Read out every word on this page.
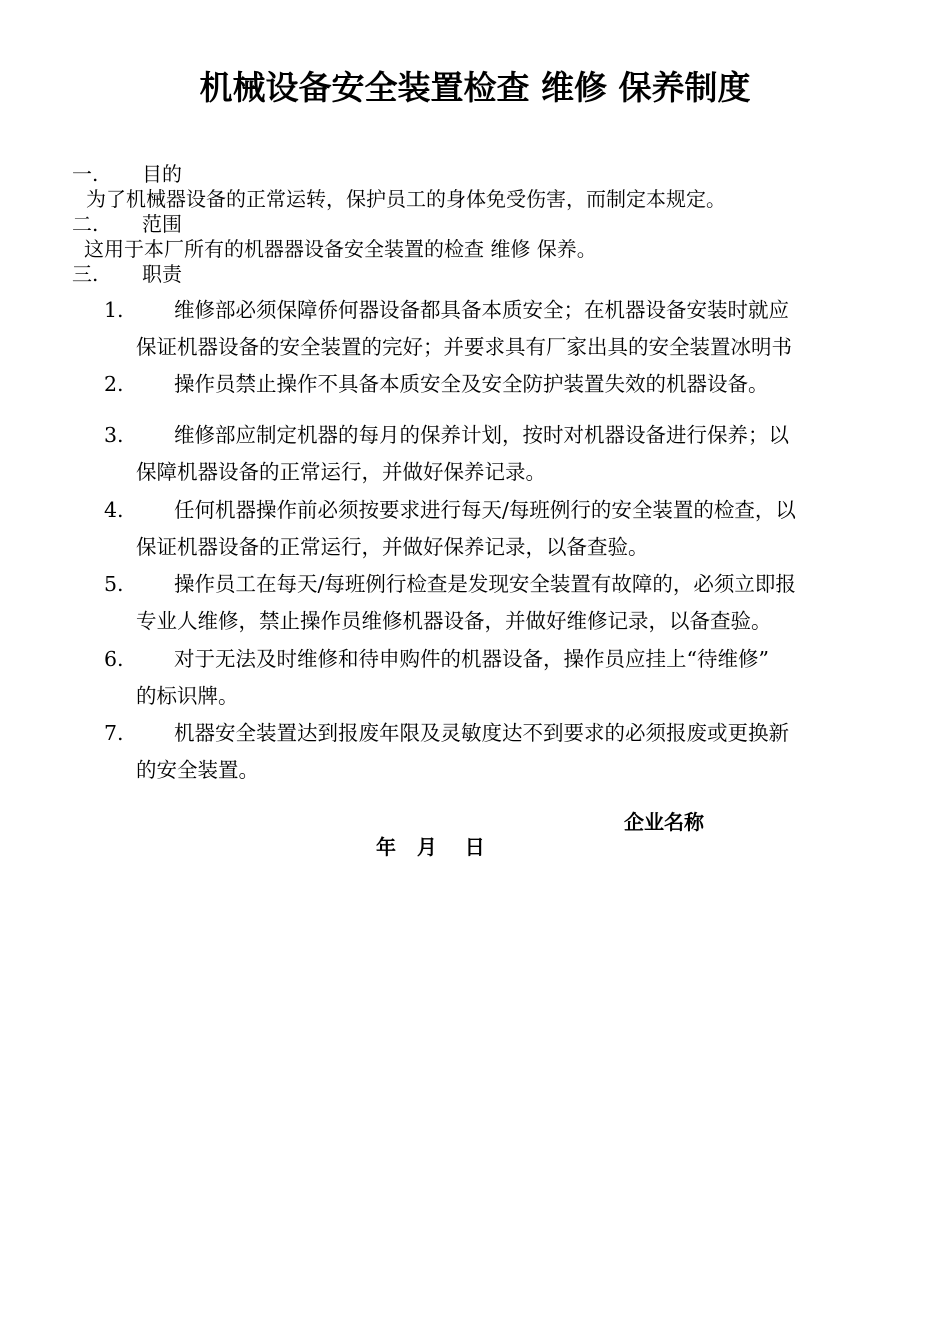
机械设备安全装置检查 维修 保养制度
一. 目的
为了机械器设备的正常运转，保护员工的身体免受伤害，而制定本规定。
二. 范围
这用于本厂所有的机器器设备安全装置的检查 维修 保养。
三. 职责
1. 维修部必须保障侨何器设备都具备本质安全；在机器设备安装时就应
保证机器设备的安全装置的完好；并要求具有厂家出具的安全装置冰明书
2. 操作员禁止操作不具备本质安全及安全防护装置失效的机器设备。
3. 维修部应制定机器的每月的保养计划，按时对机器设备进行保养；以
保障机器设备的正常运行，并做好保养记录。
4. 任何机器操作前必须按要求进行每天/每班例行的安全装置的检查，以
保证机器设备的正常运行，并做好保养记录，以备查验。
5. 操作员工在每天/每班例行检查是发现安全装置有故障的，必须立即报
专业人维修，禁止操作员维修机器设备，并做好维修记录，以备查验。
6. 对于无法及时维修和待申购件的机器设备，操作员应挂上“待维修”
的标识牌。
7. 机器安全装置达到报废年限及灵敏度达不到要求的必须报废或更换新
的安全装置。
企业名称
年   月    日
